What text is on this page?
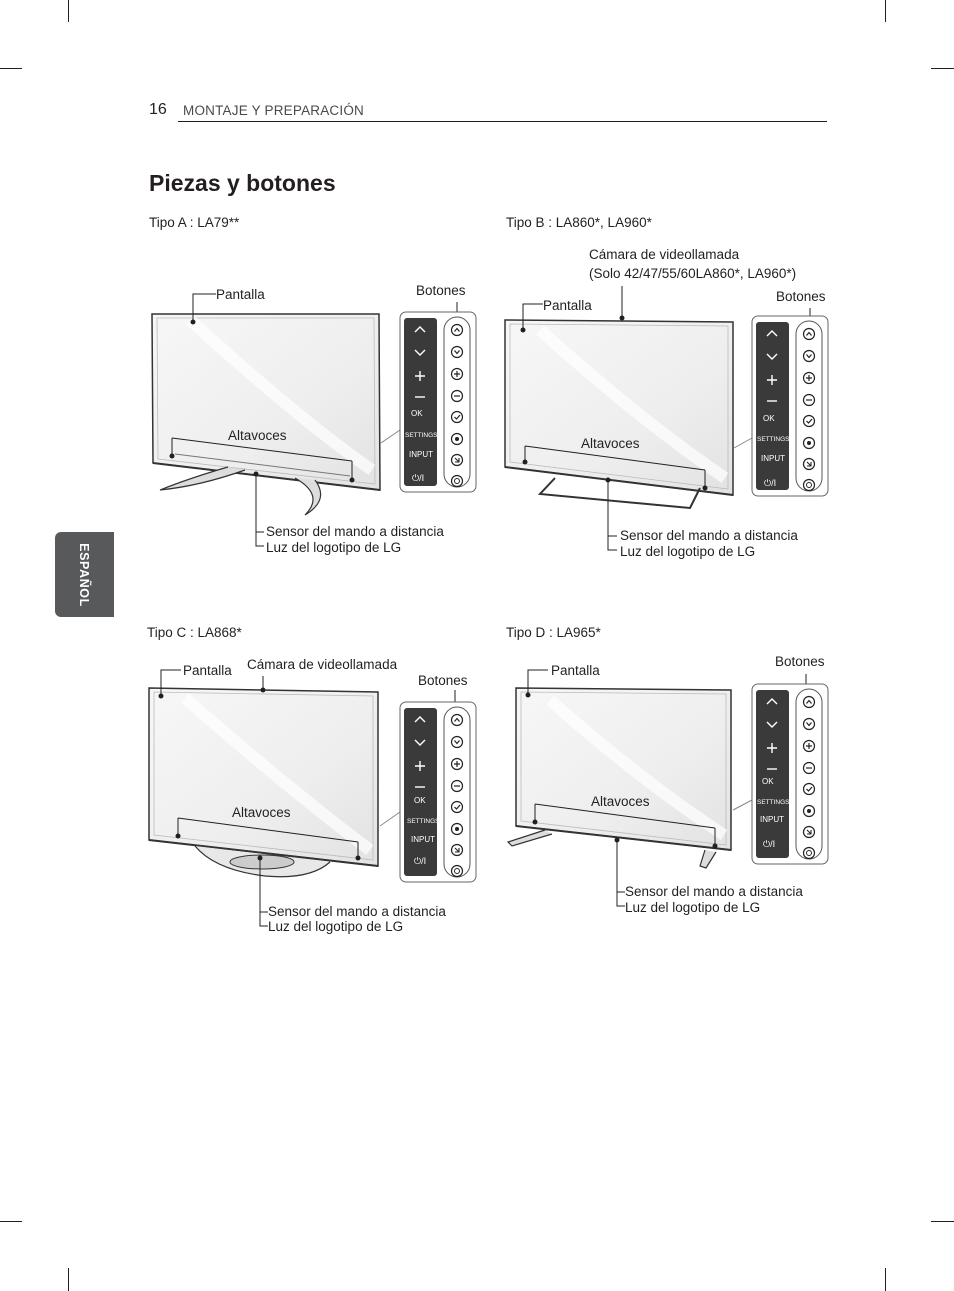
16 MONTAJE Y PREPARACIÓN
Piezas y botones
ESPAÑOL
Tipo A : LA79**
Pantalla	Botones
Altavoces
Sensor del mando a distancia
Luz del logotipo de LG
OK
SETTINGS
INPUT
⏻/I
Tipo B : LA860*, LA960*
Cámara de videollamada
(Solo 42/47/55/60LA860*, LA960*)
Pantalla
Botones
Altavoces
Sensor del mando a distancia
Luz del logotipo de LG
OK
SETTINGS
INPUT
⏻/I
Tipo C : LA868*
Pantalla Cámara de videollamada
Botones
Altavoces
Sensor del mando a distancia
Luz del logotipo de LG
OK
SETTINGS
INPUT
⏻/I
Tipo D : LA965*
Pantalla
Botones
Altavoces
Sensor del mando a distancia
Luz del logotipo de LG
OK
SETTINGS
INPUT
⏻/I
